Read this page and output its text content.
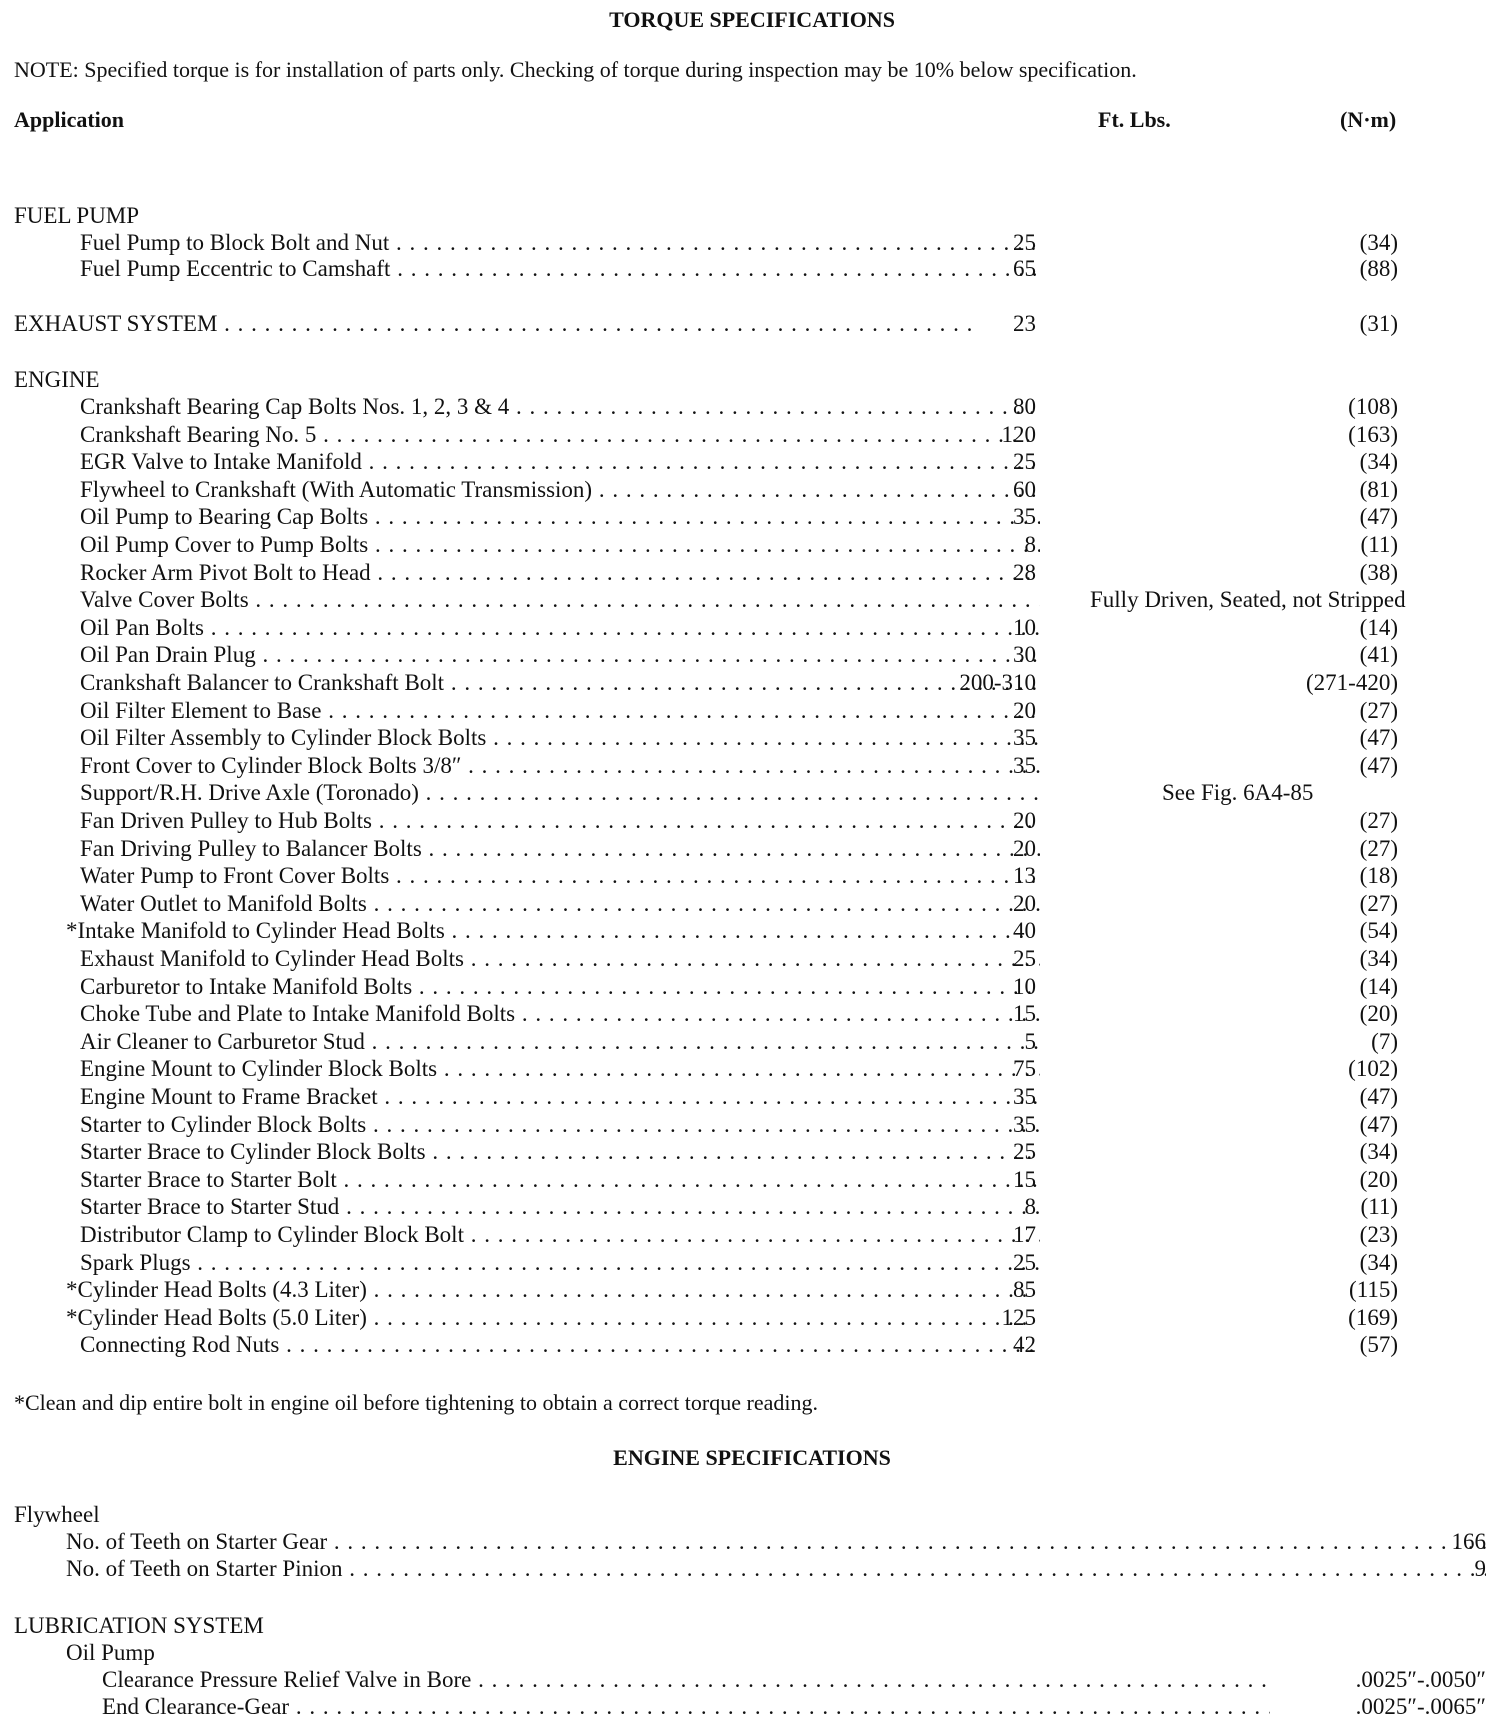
TORQUE SPECIFICATIONS
NOTE: Specified torque is for installation of parts only. Checking of torque during inspection may be 10% below specification.
Application	Ft. Lbs.	(N·m)
FUEL PUMP
Fuel Pump to Block Bolt and Nut . . .	25	(34)
Fuel Pump Eccentric to Camshaft . . .	65	(88)
EXHAUST SYSTEM . . .	23	(31)
ENGINE
Crankshaft Bearing Cap Bolts Nos. 1, 2, 3 & 4 . . .	80	(108)
Crankshaft Bearing No. 5 . . .	120	(163)
EGR Valve to Intake Manifold . . .	25	(34)
Flywheel to Crankshaft (With Automatic Transmission) . . .	60	(81)
Oil Pump to Bearing Cap Bolts . . .	35	(47)
Oil Pump Cover to Pump Bolts . . .	8	(11)
Rocker Arm Pivot Bolt to Head . . .	28	(38)
Valve Cover Bolts . . .	Fully Driven, Seated, not Stripped
Oil Pan Bolts . . .	10	(14)
Oil Pan Drain Plug . . .	30	(41)
Crankshaft Balancer to Crankshaft Bolt . . .	200-310	(271-420)
Oil Filter Element to Base . . .	20	(27)
Oil Filter Assembly to Cylinder Block Bolts . . .	35	(47)
Front Cover to Cylinder Block Bolts 3/8″ . . .	35	(47)
Support/R.H. Drive Axle (Toronado) . . .	See Fig. 6A4-85
Fan Driven Pulley to Hub Bolts . . .	20	(27)
Fan Driving Pulley to Balancer Bolts . . .	20	(27)
Water Pump to Front Cover Bolts . . .	13	(18)
Water Outlet to Manifold Bolts . . .	20	(27)
*Intake Manifold to Cylinder Head Bolts . . .	40	(54)
Exhaust Manifold to Cylinder Head Bolts . . .	25	(34)
Carburetor to Intake Manifold Bolts . . .	10	(14)
Choke Tube and Plate to Intake Manifold Bolts . . .	15	(20)
Air Cleaner to Carburetor Stud . . .	5	(7)
Engine Mount to Cylinder Block Bolts . . .	75	(102)
Engine Mount to Frame Bracket . . .	35	(47)
Starter to Cylinder Block Bolts . . .	35	(47)
Starter Brace to Cylinder Block Bolts . . .	25	(34)
Starter Brace to Starter Bolt . . .	15	(20)
Starter Brace to Starter Stud . . .	8	(11)
Distributor Clamp to Cylinder Block Bolt . . .	17	(23)
Spark Plugs . . .	25	(34)
*Cylinder Head Bolts (4.3 Liter) . . .	85	(115)
*Cylinder Head Bolts (5.0 Liter) . . .	125	(169)
Connecting Rod Nuts . . .	42	(57)
*Clean and dip entire bolt in engine oil before tightening to obtain a correct torque reading.
ENGINE SPECIFICATIONS
Flywheel
No. of Teeth on Starter Gear . . .	166
No. of Teeth on Starter Pinion . . .	9
LUBRICATION SYSTEM
Oil Pump
Clearance Pressure Relief Valve in Bore . . .	.0025″-.0050″
End Clearance-Gear . . .	.0025″-.0065″
